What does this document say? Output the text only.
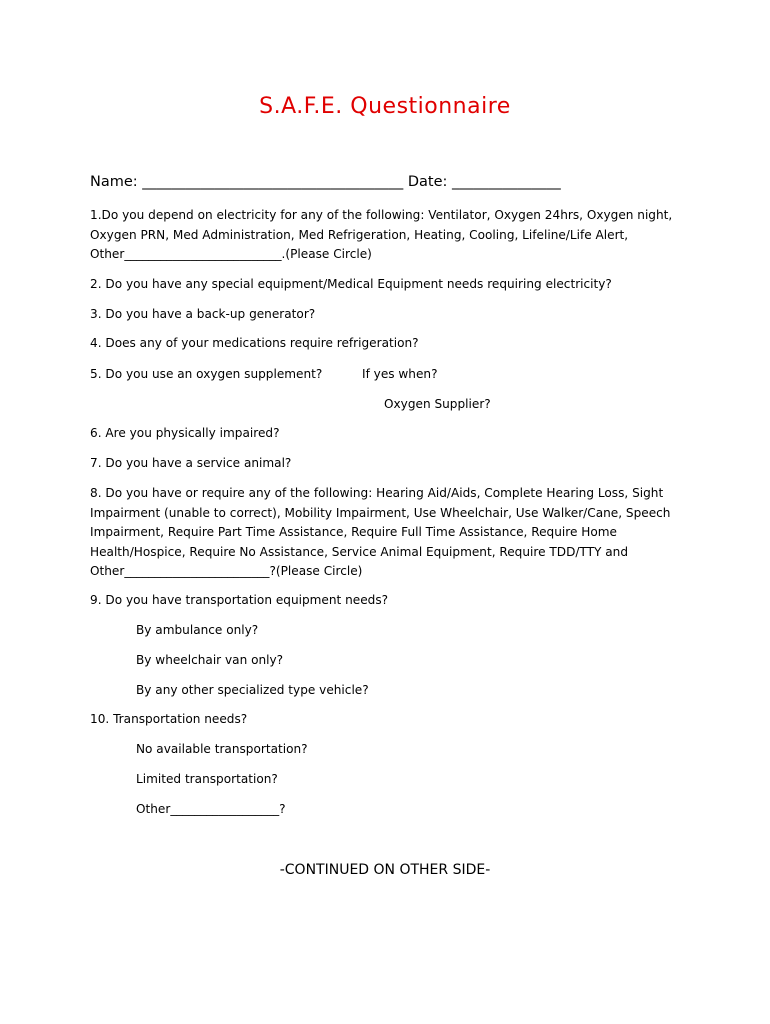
S.A.F.E. Questionnaire
Name: ____________________________________ Date: _______________
1.Do you depend on electricity for any of the following: Ventilator, Oxygen 24hrs, Oxygen night, Oxygen PRN, Med Administration, Med Refrigeration, Heating, Cooling, Lifeline/Life Alert, Other__________________________.(Please Circle)
2. Do you have any special equipment/Medical Equipment needs requiring electricity?
3. Do you have a back-up generator?
4. Does any of your medications require refrigeration?
5. Do you use an oxygen supplement?	If yes when?
Oxygen Supplier?
6. Are you physically impaired?
7. Do you have a service animal?
8. Do you have or require any of the following: Hearing Aid/Aids, Complete Hearing Loss, Sight Impairment (unable to correct), Mobility Impairment, Use Wheelchair, Use Walker/Cane, Speech Impairment, Require Part Time Assistance, Require Full Time Assistance, Require Home Health/Hospice, Require No Assistance, Service Animal Equipment, Require TDD/TTY and Other________________________?(Please Circle)
9. Do you have transportation equipment needs?
By ambulance only?
By wheelchair van only?
By any other specialized type vehicle?
10. Transportation needs?
No available transportation?
Limited transportation?
Other__________________?
-CONTINUED ON OTHER SIDE-
